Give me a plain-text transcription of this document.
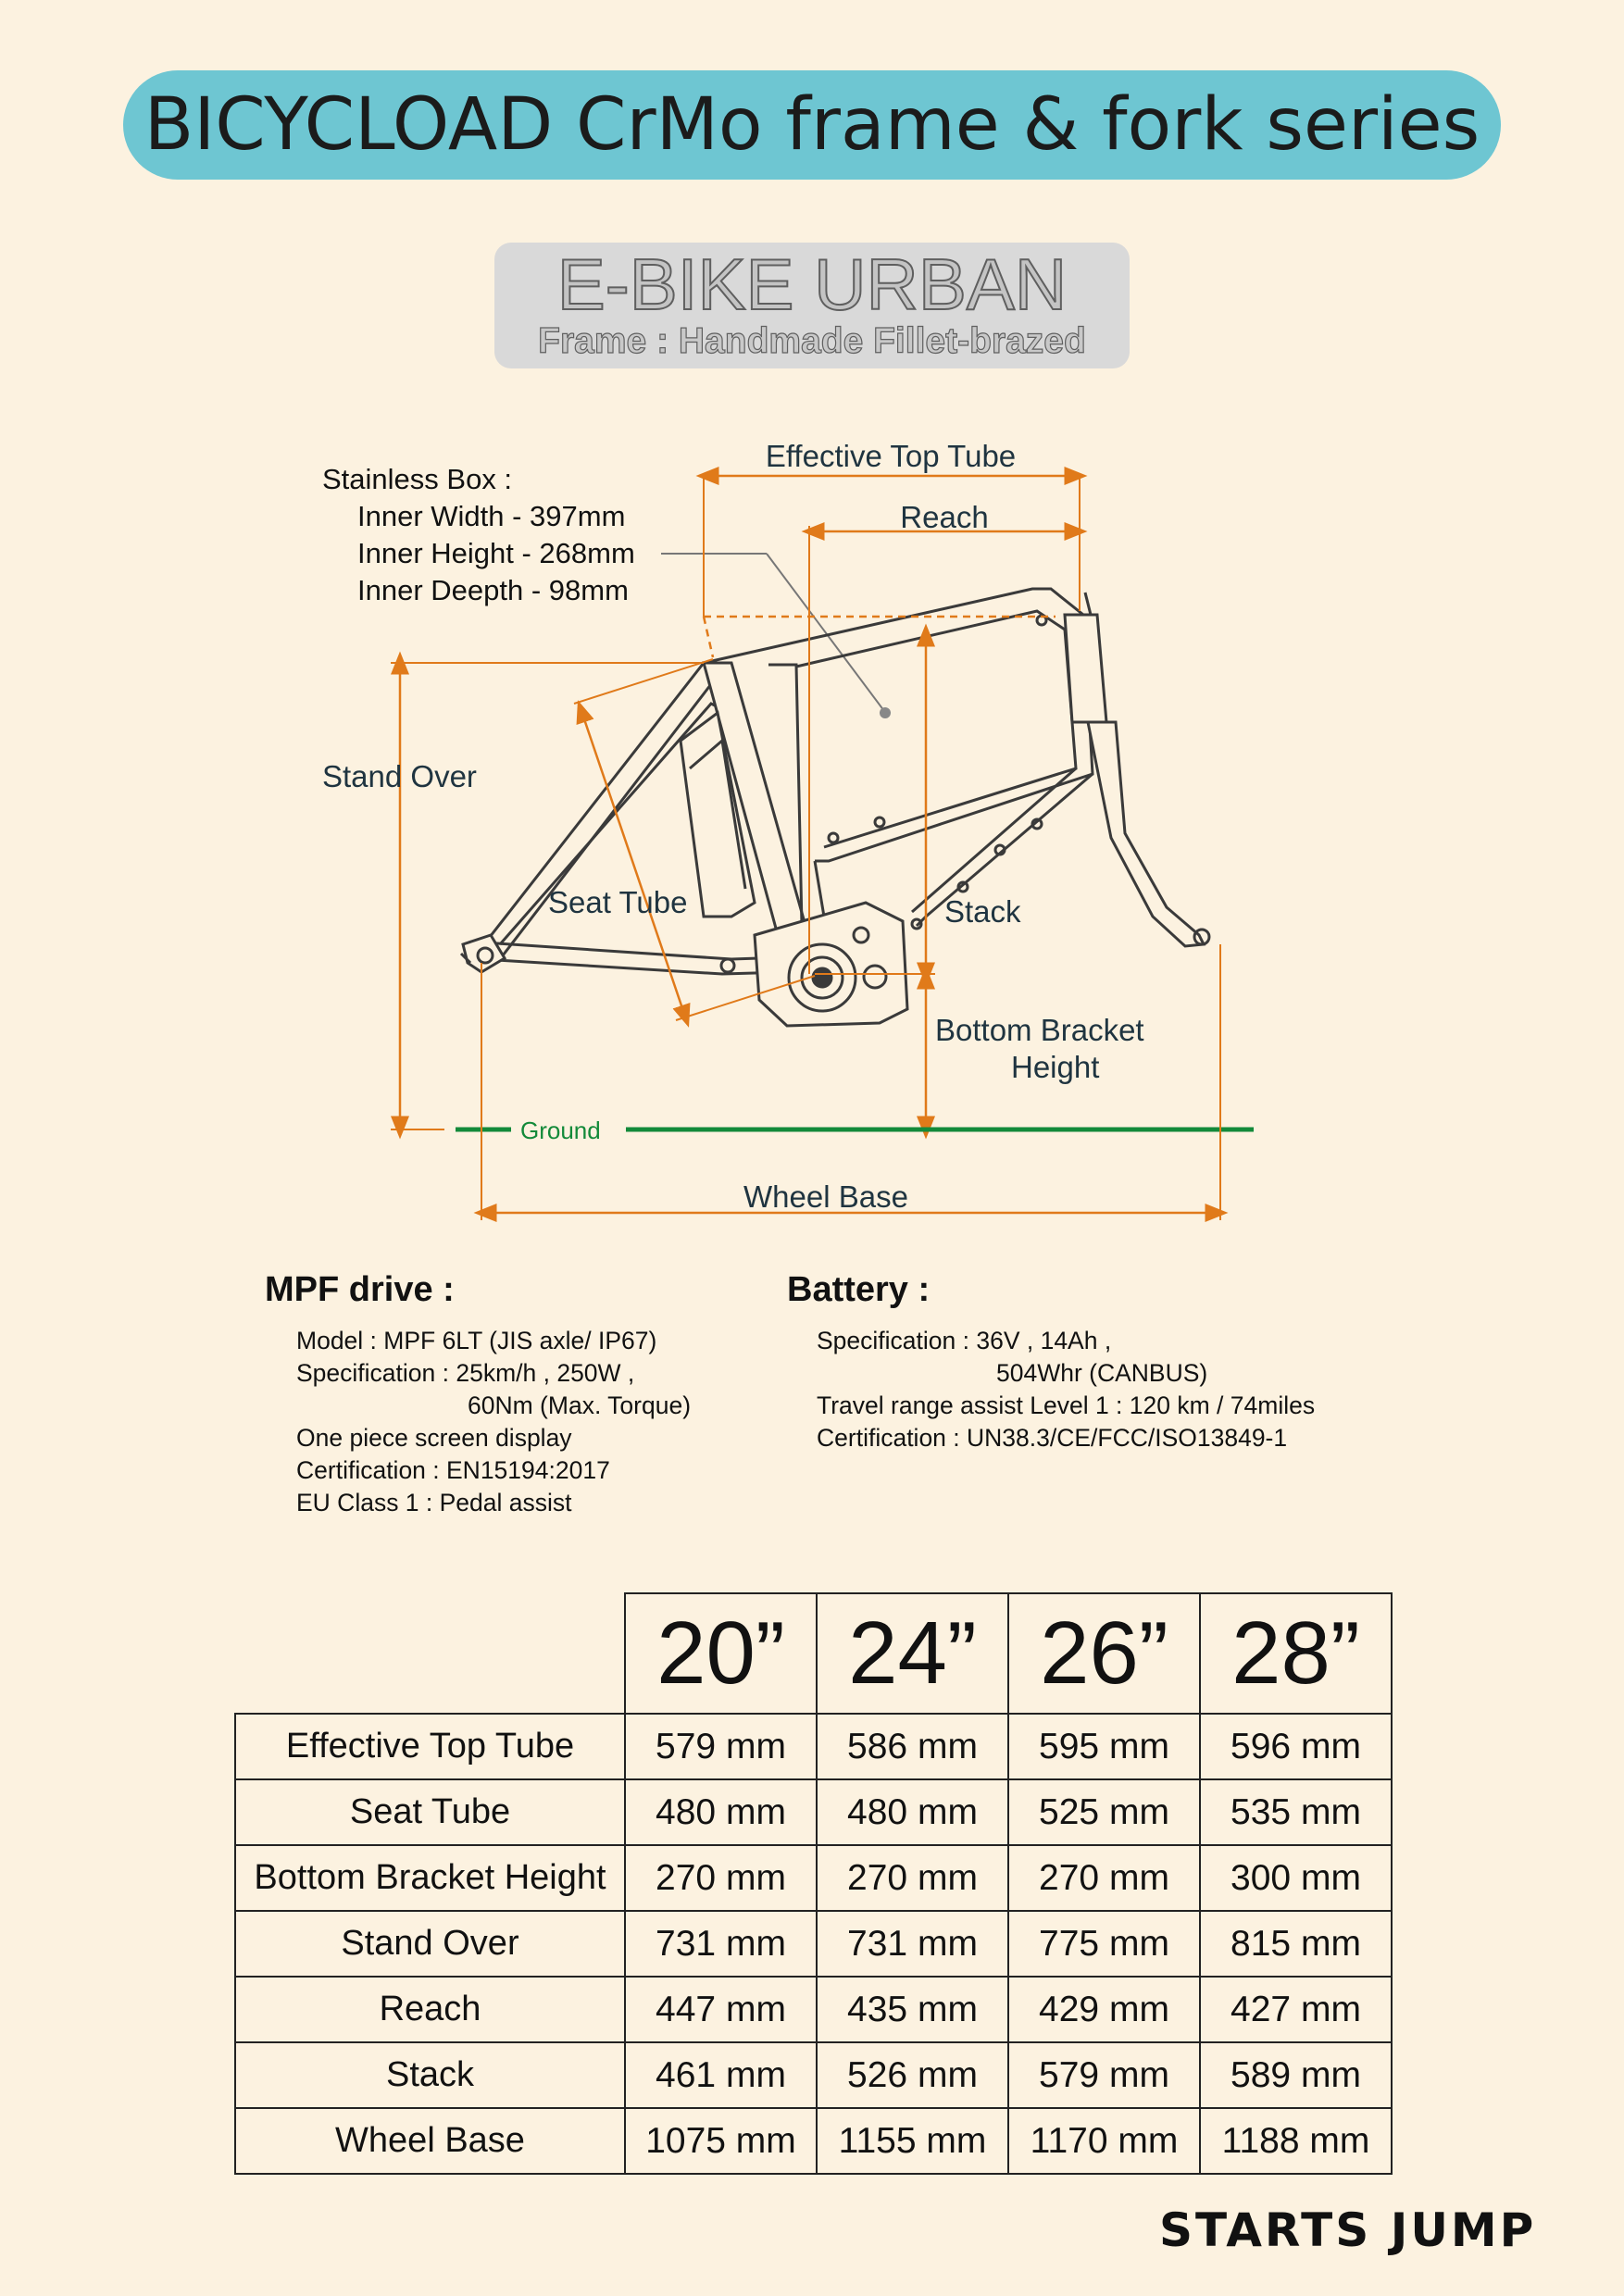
BICYCLOAD CrMo frame & fork series
E-BIKE URBAN
Frame : Handmade Fillet-brazed
Stainless Box :
Inner Width - 397mm
Inner Height - 268mm
Inner Deepth - 98mm
Effective Top Tube
Reach
Stack
Bottom Bracket
Height
Seat Tube
Stand Over
Ground
Wheel Base
MPF drive :
Model : MPF 6LT (JIS axle/ IP67)
Specification : 25km/h , 250W ,
60Nm (Max. Torque)
One piece screen display
Certification : EN15194:2017
EU Class 1 : Pedal assist
Battery :
Specification : 36V , 14Ah ,
504Whr (CANBUS)
Travel range assist Level 1 : 120 km / 74miles
Certification : UN38.3/CE/FCC/ISO13849-1
	20”	24”	26”	28”
Effective Top Tube	579 mm	586 mm	595 mm	596 mm
Seat Tube	480 mm	480 mm	525 mm	535 mm
Bottom Bracket Height	270 mm	270 mm	270 mm	300 mm
Stand Over	731 mm	731 mm	775 mm	815 mm
Reach	447 mm	435 mm	429 mm	427 mm
Stack	461 mm	526 mm	579 mm	589 mm
Wheel Base	1075 mm	1155 mm	1170 mm	1188 mm
STARTS JUMP
